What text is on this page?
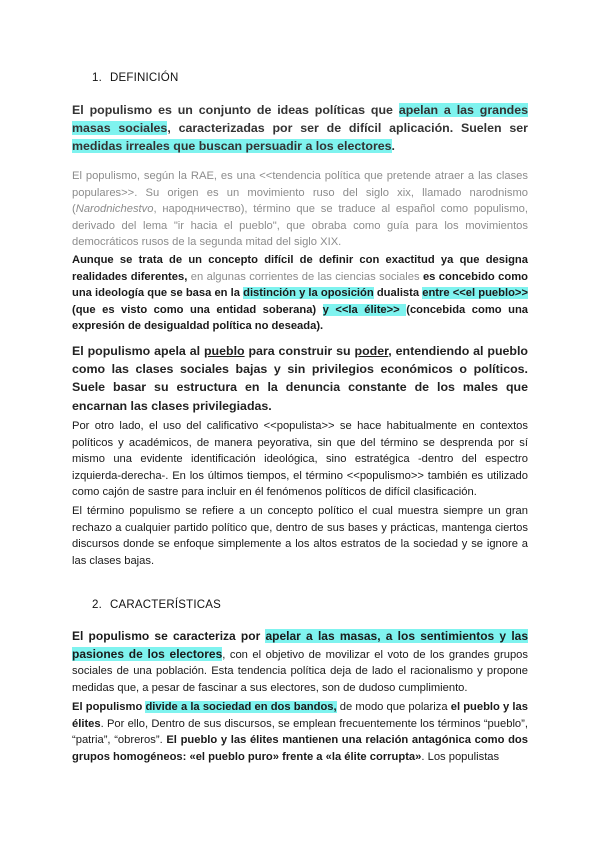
1. DEFINICIÓN

El populismo es un conjunto de ideas políticas que apelan a las grandes masas sociales, caracterizadas por ser de difícil aplicación. Suelen ser medidas irreales que buscan persuadir a los electores.

El populismo, según la RAE, es una <<tendencia política que pretende atraer a las clases populares>>. Su origen es un movimiento ruso del siglo xix, llamado narodnismo (Narodnichestvo, народничество), término que se traduce al español como populismo, derivado del lema "ir hacia el pueblo", que obraba como guía para los movimientos democráticos rusos de la segunda mitad del siglo XIX.

Aunque se trata de un concepto difícil de definir con exactitud ya que designa realidades diferentes, en algunas corrientes de las ciencias sociales es concebido como una ideología que se basa en la distinción y la oposición dualista entre <<el pueblo>> (que es visto como una entidad soberana) y <<la élite>> (concebida como una expresión de desigualdad política no deseada).

El populismo apela al pueblo para construir su poder, entendiendo al pueblo como las clases sociales bajas y sin privilegios económicos o políticos. Suele basar su estructura en la denuncia constante de los males que encarnan las clases privilegiadas.

Por otro lado, el uso del calificativo <<populista>> se hace habitualmente en contextos políticos y académicos, de manera peyorativa, sin que del término se desprenda por sí mismo una evidente identificación ideológica, sino estratégica -dentro del espectro izquierda-derecha-. En los últimos tiempos, el término <<populismo>> también es utilizado como cajón de sastre para incluir en él fenómenos políticos de difícil clasificación.

El término populismo se refiere a un concepto político el cual muestra siempre un gran rechazo a cualquier partido político que, dentro de sus bases y prácticas, mantenga ciertos discursos donde se enfoque simplemente a los altos estratos de la sociedad y se ignore a las clases bajas.

2. CARACTERÍSTICAS

El populismo se caracteriza por apelar a las masas, a los sentimientos y las pasiones de los electores, con el objetivo de movilizar el voto de los grandes grupos sociales de una población. Esta tendencia política deja de lado el racionalismo y propone medidas que, a pesar de fascinar a sus electores, son de dudoso cumplimiento.

El populismo divide a la sociedad en dos bandos, de modo que polariza el pueblo y las élites. Por ello, Dentro de sus discursos, se emplean frecuentemente los términos “pueblo”, “patria”, “obreros”. El pueblo y las élites mantienen una relación antagónica como dos grupos homogéneos: «el pueblo puro» frente a «la élite corrupta». Los populistas
